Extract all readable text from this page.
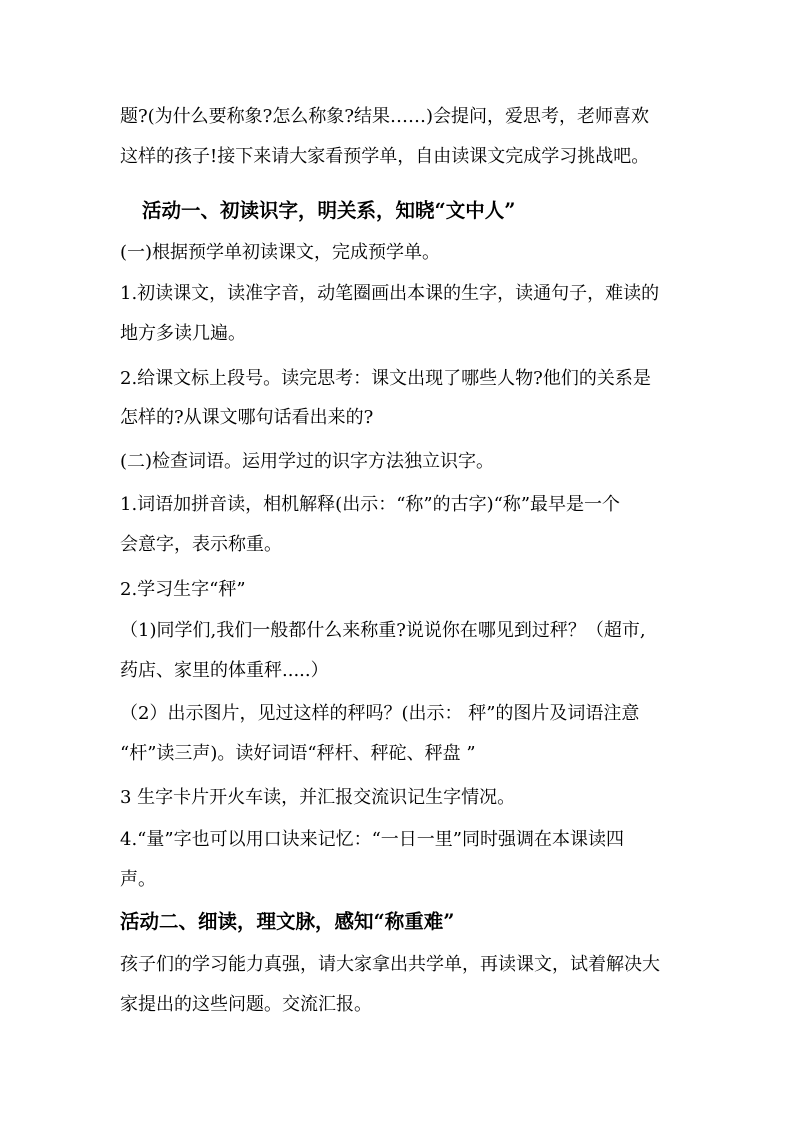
题?(为什么要称象?怎么称象?结果……)会提问，爱思考，老师喜欢
这样的孩子!接下来请大家看预学单，自由读课文完成学习挑战吧。
活动一、初读识字，明关系，知晓“文中人”
(一)根据预学单初读课文，完成预学单。
1.初读课文，读准字音，动笔圈画出本课的生字，读通句子，难读的
地方多读几遍。
2.给课文标上段号。读完思考：课文出现了哪些人物?他们的关系是
怎样的?从课文哪句话看出来的?
(二)检查词语。运用学过的识字方法独立识字。
1.词语加拼音读，相机解释(出示：“称”的古字)“称”最早是一个
会意字，表示称重。
2.学习生字“秤”
（1)同学们,我们一般都什么来称重?说说你在哪见到过秤？（超市,
药店、家里的体重秤.....）
（2）出示图片，见过这样的秤吗？(出示： 秤”的图片及词语注意
“杆”读三声)。读好词语“秤杆、秤砣、秤盘 ”
3 生字卡片开火车读，并汇报交流识记生字情况。
4.“量”字也可以用口诀来记忆：“一日一里”同时强调在本课读四
声。
活动二、细读，理文脉，感知“称重难”
孩子们的学习能力真强，请大家拿出共学单，再读课文，试着解决大
家提出的这些问题。交流汇报。
